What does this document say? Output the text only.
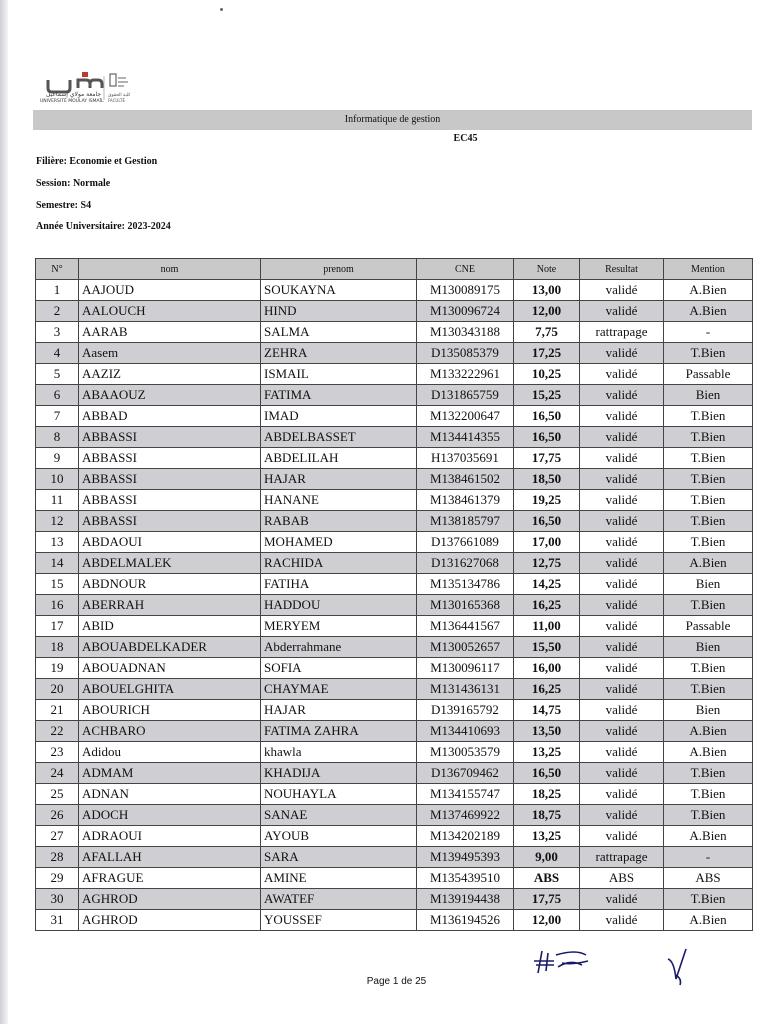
جامعة مولاي إسماعيل
UNIVERSITÉ MOULAY ISMAÏL
كلية الحقوق
FACULTÉ
Informatique de gestion
EC45
Filière: Economie et Gestion
Session: Normale
Semestre: S4
Année Universitaire: 2023-2024
N°	nom	prenom	CNE	Note	Resultat	Mention
1	AAJOUD	SOUKAYNA	M130089175	13,00	validé	A.Bien
2	AALOUCH	HIND	M130096724	12,00	validé	A.Bien
3	AARAB	SALMA	M130343188	7,75	rattrapage	-
4	Aasem	ZEHRA	D135085379	17,25	validé	T.Bien
5	AAZIZ	ISMAIL	M133222961	10,25	validé	Passable
6	ABAAOUZ	FATIMA	D131865759	15,25	validé	Bien
7	ABBAD	IMAD	M132200647	16,50	validé	T.Bien
8	ABBASSI	ABDELBASSET	M134414355	16,50	validé	T.Bien
9	ABBASSI	ABDELILAH	H137035691	17,75	validé	T.Bien
10	ABBASSI	HAJAR	M138461502	18,50	validé	T.Bien
11	ABBASSI	HANANE	M138461379	19,25	validé	T.Bien
12	ABBASSI	RABAB	M138185797	16,50	validé	T.Bien
13	ABDAOUI	MOHAMED	D137661089	17,00	validé	T.Bien
14	ABDELMALEK	RACHIDA	D131627068	12,75	validé	A.Bien
15	ABDNOUR	FATIHA	M135134786	14,25	validé	Bien
16	ABERRAH	HADDOU	M130165368	16,25	validé	T.Bien
17	ABID	MERYEM	M136441567	11,00	validé	Passable
18	ABOUABDELKADER	Abderrahmane	M130052657	15,50	validé	Bien
19	ABOUADNAN	SOFIA	M130096117	16,00	validé	T.Bien
20	ABOUELGHITA	CHAYMAE	M131436131	16,25	validé	T.Bien
21	ABOURICH	HAJAR	D139165792	14,75	validé	Bien
22	ACHBARO	FATIMA ZAHRA	M134410693	13,50	validé	A.Bien
23	Adidou	khawla	M130053579	13,25	validé	A.Bien
24	ADMAM	KHADIJA	D136709462	16,50	validé	T.Bien
25	ADNAN	NOUHAYLA	M134155747	18,25	validé	T.Bien
26	ADOCH	SANAE	M137469922	18,75	validé	T.Bien
27	ADRAOUI	AYOUB	M134202189	13,25	validé	A.Bien
28	AFALLAH	SARA	M139495393	9,00	rattrapage	-
29	AFRAGUE	AMINE	M135439510	ABS	ABS	ABS
30	AGHROD	AWATEF	M139194438	17,75	validé	T.Bien
31	AGHROD	YOUSSEF	M136194526	12,00	validé	A.Bien
Page 1 de 25
